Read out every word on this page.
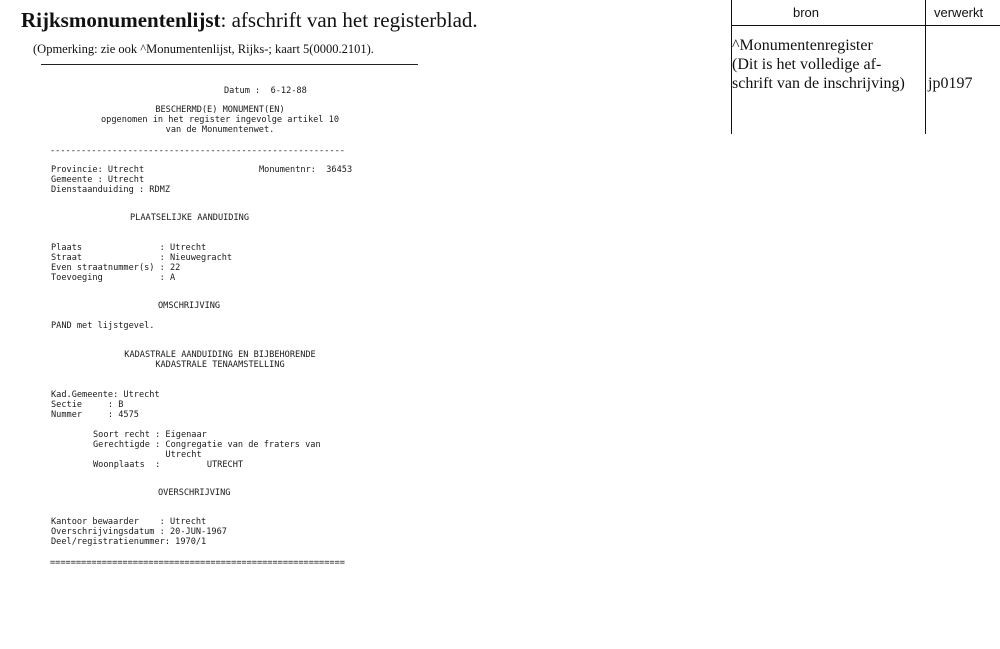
Rijksmonumentenlijst: afschrift van het registerblad.
(Opmerking: zie ook ^Monumentenlijst, Rijks-; kaart 5(0000.2101).
Datum :  6-12-88
BESCHERMD(E) MONUMENT(EN)
opgenomen in het register ingevolge artikel 10
van de Monumentenwet.
---------------------------------------------------------
Provincie: Utrecht	Monumentnr:  36453
Gemeente : Utrecht
Dienstaanduiding : RDMZ
PLAATSELIJKE AANDUIDING
Plaats               : Utrecht
Straat               : Nieuwegracht
Even straatnummer(s) : 22
Toevoeging           : A
OMSCHRIJVING
PAND met lijstgevel.
KADASTRALE AANDUIDING EN BIJBEHORENDE
KADASTRALE TENAAMSTELLING
Kad.Gemeente: Utrecht
Sectie     : B
Nummer     : 4575
Soort recht : Eigenaar
Gerechtigde : Congregatie van de fraters van
Utrecht
Woonplaats  :         UTRECHT
OVERSCHRIJVING
Kantoor bewaarder    : Utrecht
Overschrijvingsdatum : 20-JUN-1967
Deel/registratienummer: 1970/1
=========================================================
bron	verwerkt
^Monumentenregister
(Dit is het volledige af-
schrift van de inschrijving) jp0197
